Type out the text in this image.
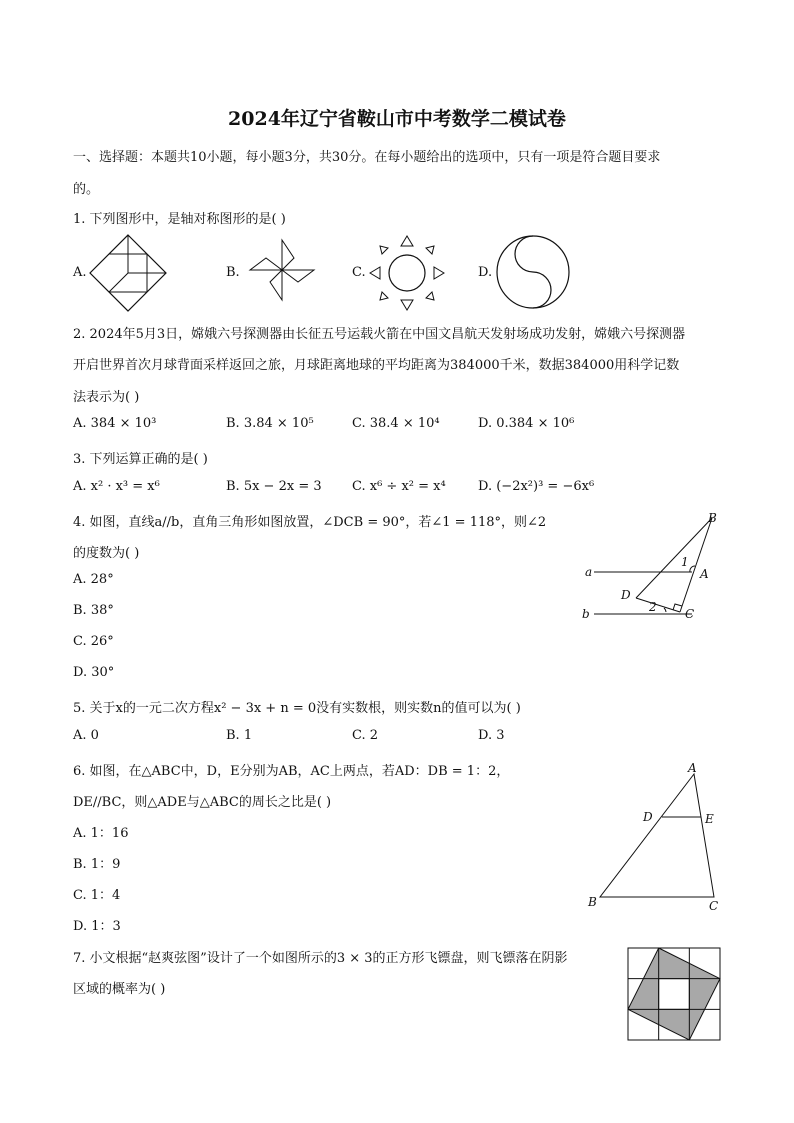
2024年辽宁省鞍山市中考数学二模试卷
一、选择题：本题共10小题，每小题3分，共30分。在每小题给出的选项中，只有一项是符合题目要求
的。
1. 下列图形中，是轴对称图形的是( )
A.	B.	C.	D.
2. 2024年5月3日，嫦娥六号探测器由长征五号运载火箭在中国文昌航天发射场成功发射，嫦娥六号探测器
开启世界首次月球背面采样返回之旅，月球距离地球的平均距离为384000千米，数据384000用科学记数
法表示为( )
A. 384 × 10³	B. 3.84 × 10⁵	C. 38.4 × 10⁴	D. 0.384 × 10⁶
3. 下列运算正确的是( )
A. x² · x³ = x⁶	B. 5x − 2x = 3 C. x⁶ ÷ x² = x⁴ D. (−2x²)³ = −6x⁶
4. 如图，直线a//b，直角三角形如图放置，∠DCB = 90°，若∠1 = 118°，则∠2
的度数为( )
A. 28°
B. 38°
C. 26°
D. 30°
B
a
1
A
D
2
b	C
5. 关于x的一元二次方程x² − 3x + n = 0没有实数根，则实数n的值可以为( )
A. 0	B. 1	C. 2	D. 3
6. 如图，在△ABC中，D，E分别为AB，AC上两点，若AD：DB = 1：2，
DE//BC，则△ADE与△ABC的周长之比是( )
A. 1：16
B. 1：9
C. 1：4
D. 1：3
A
D	E
B	C
7. 小文根据“赵爽弦图”设计了一个如图所示的3 × 3的正方形飞镖盘，则飞镖落在阴影
区域的概率为( )
